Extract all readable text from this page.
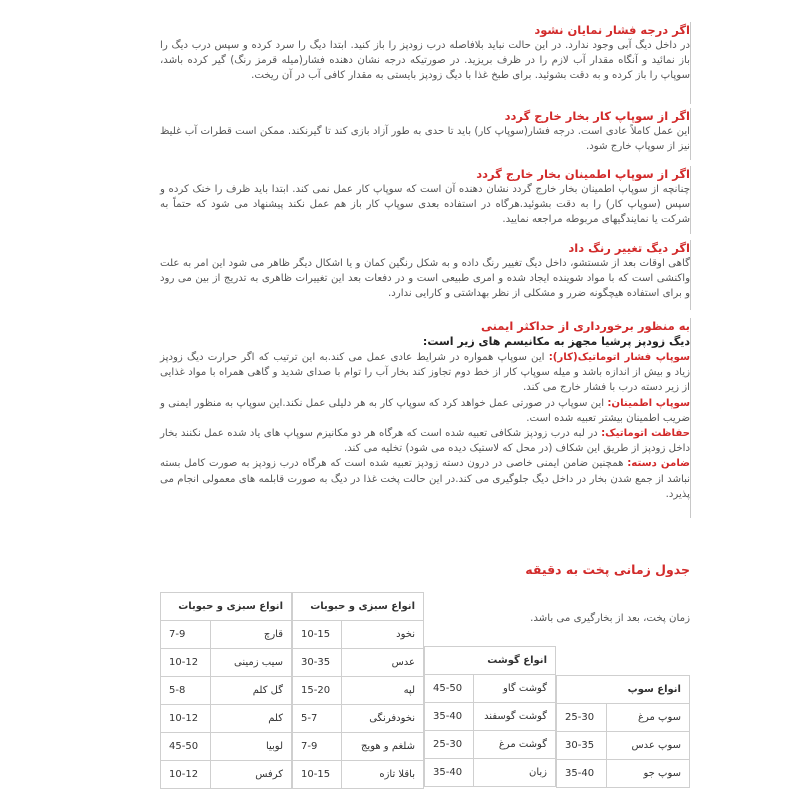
اگر درجه فشار نمایان نشود

در داخل دیگ آبی وجود ندارد. در این حالت نباید بلافاصله درب زودپز را باز کنید. ابتدا دیگ را سرد کرده و سپس درب دیگ را باز نمائید و آنگاه مقدار آب لازم را در ظرف بریزید. در صورتیکه درجه نشان دهنده فشار(میله قرمز رنگ) گیر کرده باشد، سوپاپ را باز کرده و به دقت بشوئید. برای طبخ غذا با دیگ زودپز بایستی به مقدار کافی آب در آن ریخت.

اگر از سوپاپ کار بخار خارج گردد

این عمل کاملاً عادی است. درجه فشار(سوپاپ کار) باید تا حدی به طور آزاد بازی کند تا گیرنکند. ممکن است قطرات آب غلیظ نیز از سوپاپ خارج شود.

اگر از سوپاپ اطمینان بخار خارج گردد

چنانچه از سوپاپ اطمینان بخار خارج گردد نشان دهنده آن است که سوپاپ کار عمل نمی کند. ابتدا باید ظرف را خنک کرده و سپس (سوپاپ کار) را به دقت بشوئید.هرگاه در استفاده بعدی سوپاپ کار باز هم عمل نکند پیشنهاد می شود که حتماً به شرکت یا نمایندگیهای مربوطه مراجعه نمایید.

اگر دیگ تغییر رنگ داد

گاهی اوقات بعد از شستشو، داخل دیگ تغییر رنگ داده و به شکل رنگین کمان و یا اشکال دیگر ظاهر می شود این امر به علت واکنشی است که با مواد شوینده ایجاد شده و امری طبیعی است و در دفعات بعد این تغییرات ظاهری به تدریج از بین می رود و برای استفاده هیچگونه ضرر و مشکلی از نظر بهداشتی و کارایی ندارد.

به منظور برخورداری از حداکثر ایمنی

دیگ زودپز پرشیا مجهز به مکانیسم های زیر است:

سوپاپ فشار اتوماتیک(کار): این سوپاپ همواره در شرایط عادی عمل می کند.به این ترتیب که اگر حرارت دیگ زودپز زیاد و بیش از اندازه باشد و میله سوپاپ کار از خط دوم تجاوز کند بخار آب را توام با صدای شدید و گاهی همراه با مواد غذایی از زیر دسته درب با فشار خارج می کند.

سوپاپ اطمینان: این سوپاپ در صورتی عمل خواهد کرد که سوپاپ کار به هر دلیلی عمل نکند.این سوپاپ به منظور ایمنی و ضریب اطمینان بیشتر تعبیه شده است.

حفاظت اتوماتیک: در لبه درب زودپز شکافی تعبیه شده است که هرگاه هر دو مکانیزم سوپاپ های یاد شده عمل نکنند بخار داخل زودپز از طریق این شکاف (در محل که لاستیک دیده می شود) تخلیه می کند.

ضامن دسته: همچنین ضامن ایمنی خاصی در درون دسته زودپز تعبیه شده است که هرگاه درب زودپز به صورت کامل بسته نباشد از جمع شدن بخار در داخل دیگ جلوگیری می کند.در این حالت پخت غذا در دیگ به صورت قابلمه های معمولی انجام می پذیرد.

جدول زمانی پخت به دقیقه
زمان پخت، بعد از بخارگیری می باشد.
انواع سوپ	
سوپ مرغ	25-30
سوپ عدس	30-35
سوپ جو	35-40
انواع گوشت	
گوشت گاو	45-50
گوشت گوسفند	35-40
گوشت مرغ	25-30
زبان	35-40
انواع سبزی و حبوبات	
نخود	10-15
عدس	30-35
لپه	15-20
نخودفرنگی	5-7
شلغم و هویج	7-9
باقلا تازه	10-15
انواع سبزی و حبوبات	
قارچ	7-9
سیب زمینی	10-12
گل کلم	5-8
کلم	10-12
لوبیا	45-50
کرفس	10-12
